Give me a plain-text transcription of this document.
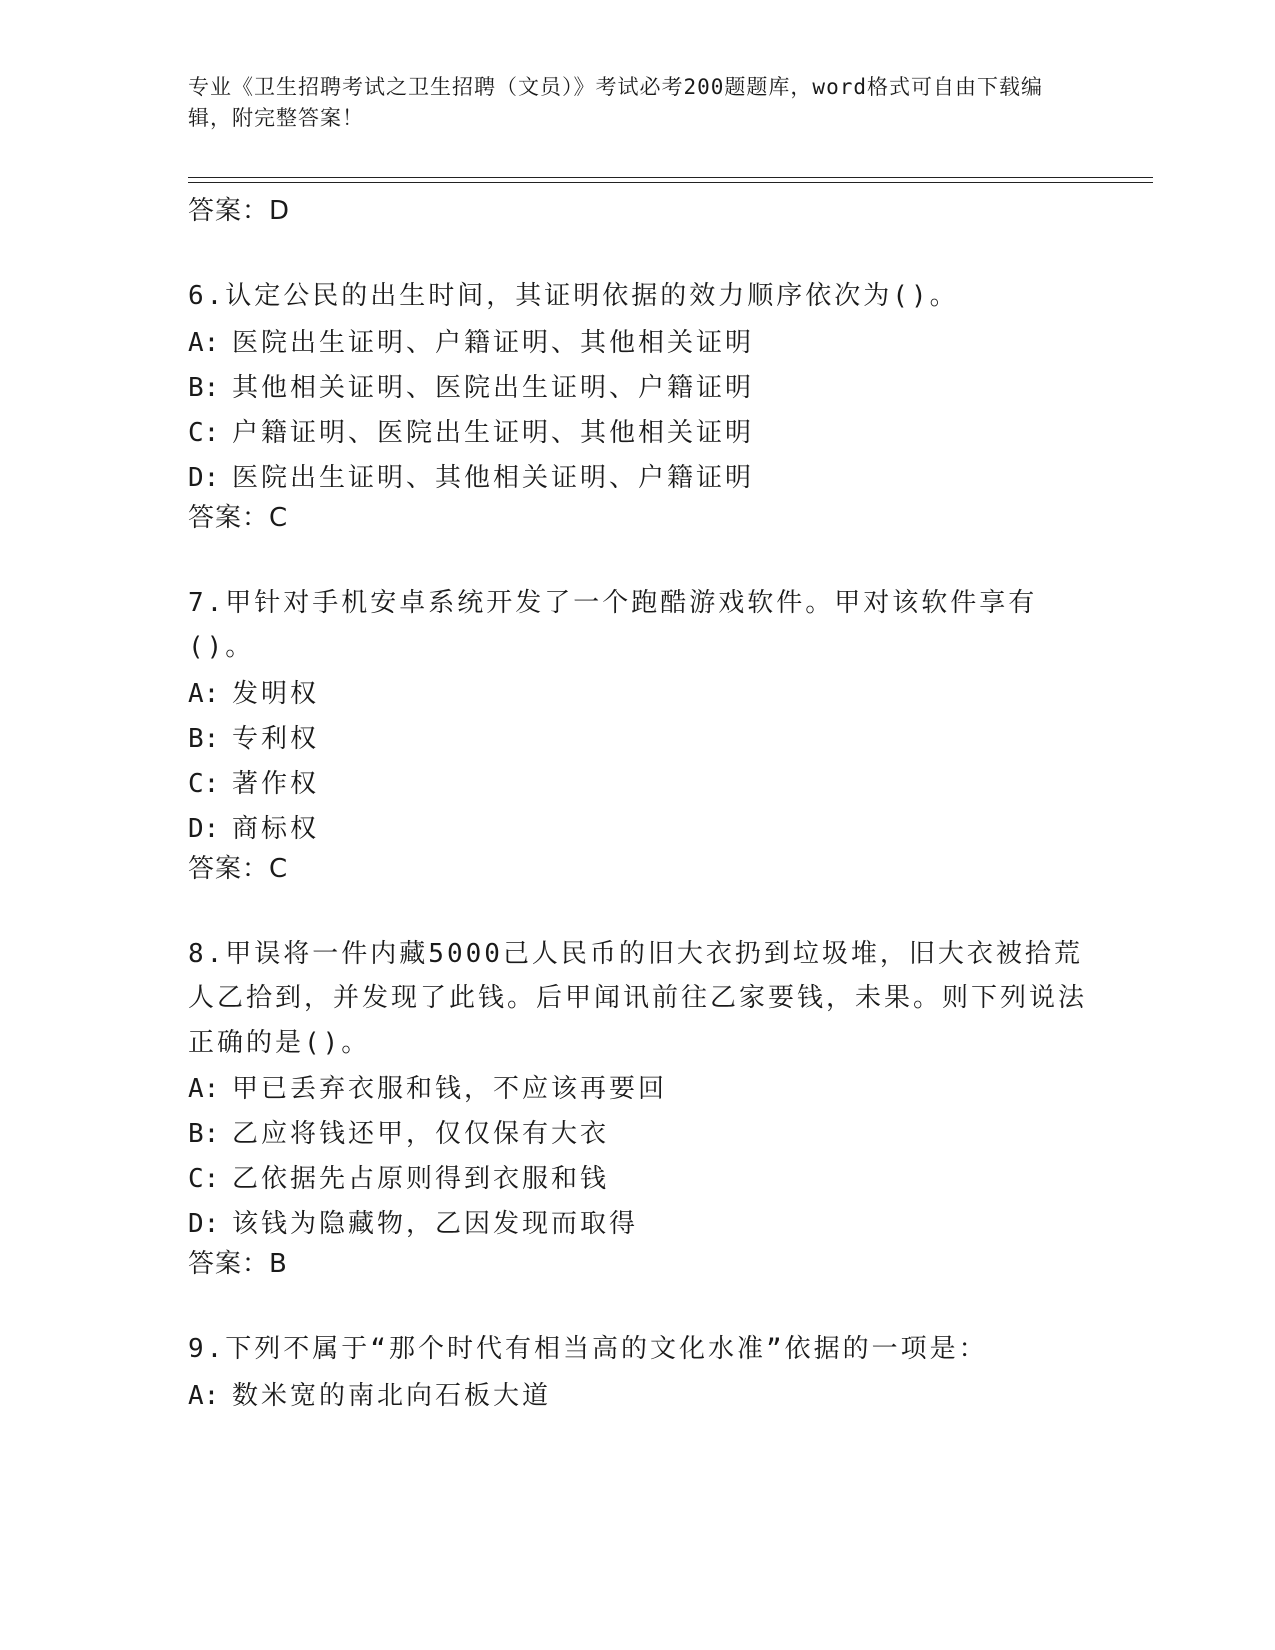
专业《卫生招聘考试之卫生招聘（文员）》考试必考200题题库，word格式可自由下载编辑，附完整答案！
答案：D
6.认定公民的出生时间，其证明依据的效力顺序依次为()。
A: 医院出生证明、户籍证明、其他相关证明
B: 其他相关证明、医院出生证明、户籍证明
C: 户籍证明、医院出生证明、其他相关证明
D: 医院出生证明、其他相关证明、户籍证明
答案：C
7.甲针对手机安卓系统开发了一个跑酷游戏软件。甲对该软件享有()。
A: 发明权
B: 专利权
C: 著作权
D: 商标权
答案：C
8.甲误将一件内藏5000己人民币的旧大衣扔到垃圾堆，旧大衣被拾荒人乙拾到，并发现了此钱。后甲闻讯前往乙家要钱，未果。则下列说法正确的是()。
A: 甲已丢弃衣服和钱，不应该再要回
B: 乙应将钱还甲，仅仅保有大衣
C: 乙依据先占原则得到衣服和钱
D: 该钱为隐藏物，乙因发现而取得
答案：B
9.下列不属于“那个时代有相当高的文化水准”依据的一项是：
A: 数米宽的南北向石板大道
